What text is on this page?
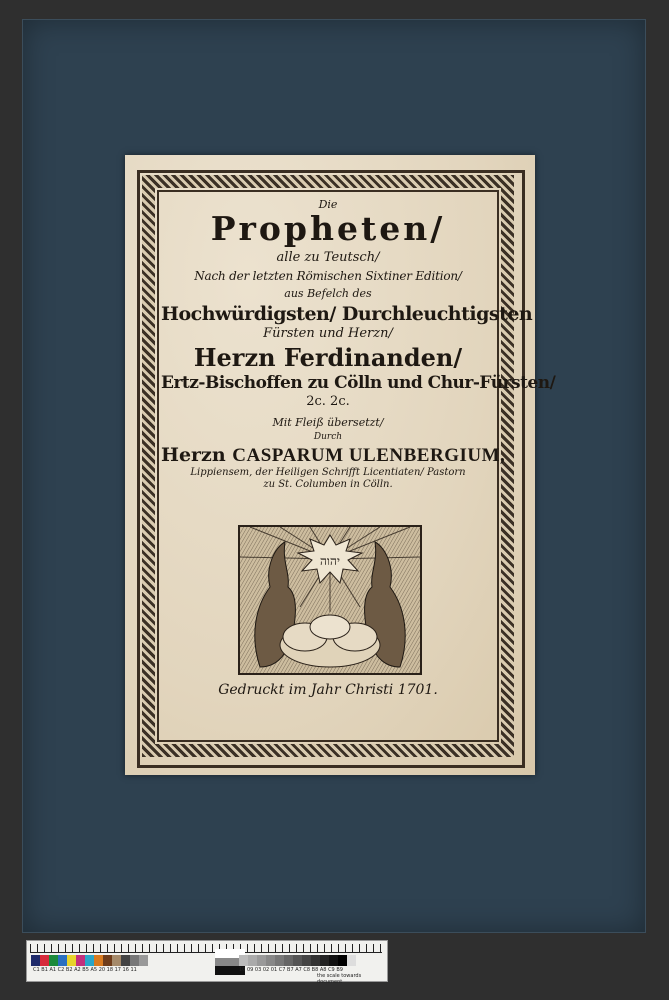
Die
Propheten/
alle zu Teutsch/
Nach der letzten Römischen Sixtiner Edition/
aus Befelch des
Hochwürdigsten/ Durchleuchtigsten
Fürsten und Herzn/
Herzn Ferdinanden/
Ertz-Bischoffen zu Cölln und Chur-Fürsten/
2c. 2c.
Mit Fleiß übersetzt/
Durch
Herzn CASPARUM ULENBERGIUM,
Lippiensem, der Heiligen Schrifft Licentiaten/ Pastorn
zu St. Columben in Cölln.
יהוה
Gedruckt im Jahr Christi 1701.
C1 B1 A1 C2 B2 A2 B5 A5 20 18 17 16 11	10 09 03 02 01 C7 B7 A7 C8 B8 A8 C9 B9
the scale towards document
